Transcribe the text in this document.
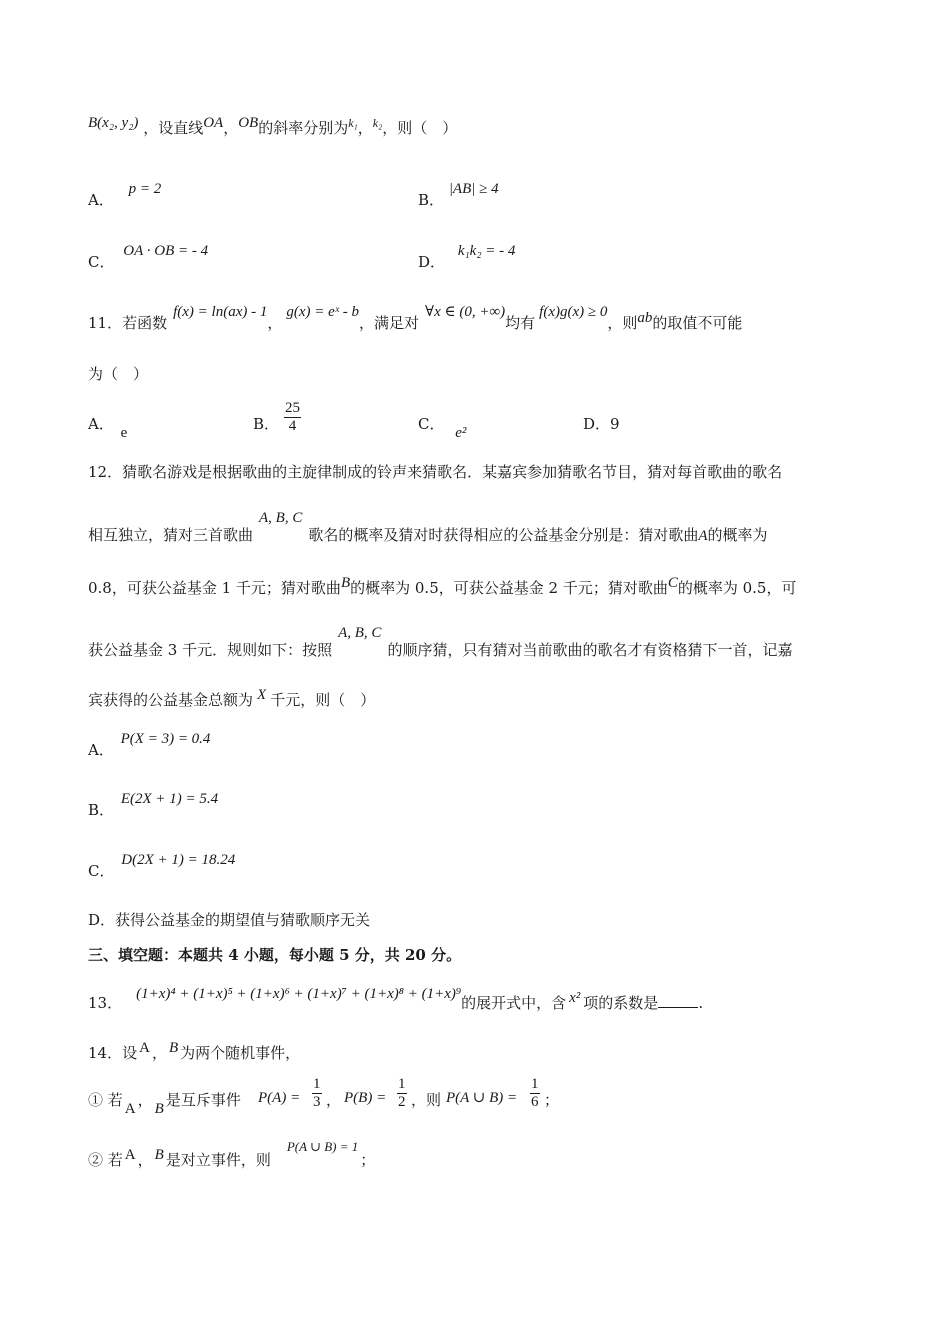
B(x₂, y₂) ，设直线OA，OB的斜率分别为$^{k_1}$，$^{k_2}$，则（　）
A． p = 2
B． |AB| ≥ 4
C． OA · OB = - 4
D． k₁k₂ = - 4
11．若函数f(x) = ln(ax) - 1，g(x) = eˣ - b，满足对∀x ∈ (0, +∞)均有f(x)g(x) ≥ 0，则ab的取值不可能
为（　）
A． e	B． $\frac{25}{4}$	C． e²	D．9
12．猜歌名游戏是根据歌曲的主旋律制成的铃声来猜歌名．某嘉宾参加猜歌名节目，猜对每首歌曲的歌名
相互独立，猜对三首歌曲A, B, C歌名的概率及猜对时获得相应的公益基金分别是：猜对歌曲A的概率为
0.8，可获公益基金 1 千元；猜对歌曲B的概率为 0.5，可获公益基金 2 千元；猜对歌曲C的概率为 0.5，可
获公益基金 3 千元．规则如下：按照A, B, C的顺序猜，只有猜对当前歌曲的歌名才有资格猜下一首，记嘉
宾获得的公益基金总额为 X 千元，则（　）
A． P(X = 3) = 0.4
B． E(2X + 1) = 5.4
C． D(2X + 1) = 18.24
D．获得公益基金的期望值与猜歌顺序无关
三、填空题：本题共 4 小题，每小题 5 分，共 20 分。
13． (1+x)⁴ + (1+x)⁵ + (1+x)⁶ + (1+x)⁷ + (1+x)⁸ + (1+x)⁹的展开式中，含 x² 项的系数是	.
14．设 A ， B 为两个随机事件，
① 若 A ， B 是互斥事件 $P(A) = \frac{1}{3}$ ， $P(B) = \frac{1}{2}$ ，则 P(A ∪ $B) = \frac{1}{6}$ ；
② 若 A ， B 是对立事件，则P(A ∪ B) = 1；
